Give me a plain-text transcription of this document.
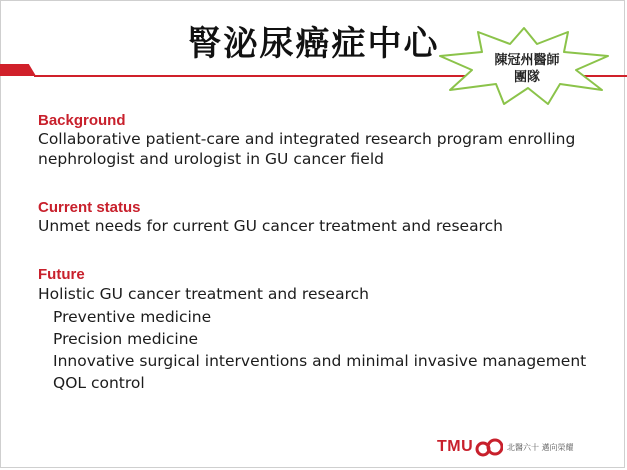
腎泌尿癌症中心	陳冠州醫師
團隊
Background
Collaborative patient-care and integrated research program enrolling
nephrologist and urologist in GU cancer field
Current status
Unmet needs for current GU cancer treatment and research
Future
Holistic GU cancer treatment and research
Preventive medicine
Precision medicine
Innovative surgical interventions and minimal invasive management
QOL control
TMU	北醫六十 邁向榮耀
